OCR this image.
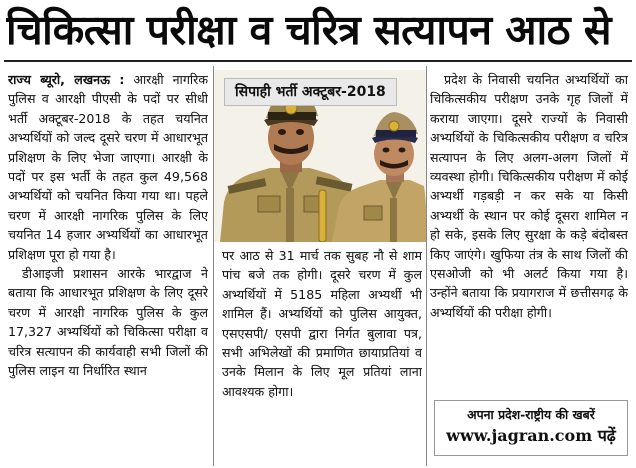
चिकित्सा परीक्षा व चरित्र सत्यापन आठ से

राज्य ब्यूरो, लखनऊ : आरक्षी नागरिक पुलिस व आरक्षी पीएसी के पदों पर सीधी भर्ती अक्टूबर-2018 के तहत चयनित अभ्यर्थियों को जल्द दूसरे चरण में आधारभूत प्रशिक्षण के लिए भेजा जाएगा। आरक्षी के पदों पर इस भर्ती के तहत कुल 49,568 अभ्यर्थियों को चयनित किया गया था। पहले चरण में आरक्षी नागरिक पुलिस के लिए चयनित 14 हजार अभ्यर्थियों का आधारभूत प्रशिक्षण पूरा हो गया है।

डीआइजी प्रशासन आरके भारद्वाज ने बताया कि आधारभूत प्रशिक्षण के लिए दूसरे चरण में आरक्षी नागरिक पुलिस के कुल 17,327 अभ्यर्थियों को चिकित्सा परीक्षा व चरित्र सत्यापन की कार्यवाही सभी जिलों की पुलिस लाइन या निर्धारित स्थान

सिपाही भर्ती अक्टूबर-2018

पर आठ से 31 मार्च तक सुबह नौ से शाम पांच बजे तक होगी। दूसरे चरण में कुल अभ्यर्थियों में 5185 महिला अभ्यर्थी भी शामिल हैं। अभ्यर्थियों को पुलिस आयुक्त, एसएसपी/ एसपी द्वारा निर्गत बुलावा पत्र, सभी अभिलेखों की प्रमाणित छायाप्रतियां व उनके मिलान के लिए मूल प्रतियां लाना आवश्यक होगा।

प्रदेश के निवासी चयनित अभ्यर्थियों का चिकित्सकीय परीक्षण उनके गृह जिलों में कराया जाएगा। दूसरे राज्यों के निवासी अभ्यर्थियों के चिकित्सकीय परीक्षण व चरित्र सत्यापन के लिए अलग-अलग जिलों में व्यवस्था होगी। चिकित्सकीय परीक्षण में कोई अभ्यर्थी गड़बड़ी न कर सके या किसी अभ्यर्थी के स्थान पर कोई दूसरा शामिल न हो सके, इसके लिए सुरक्षा के कड़े बंदोबस्त किए जाएंगे। खुफिया तंत्र के साथ जिलों की एसओजी को भी अलर्ट किया गया है। उन्होंने बताया कि प्रयागराज में छत्तीसगढ़ के अभ्यर्थियों की परीक्षा होगी।

अपना प्रदेश-राष्ट्रीय की खबरें
www.jagran.com पढ़ें
